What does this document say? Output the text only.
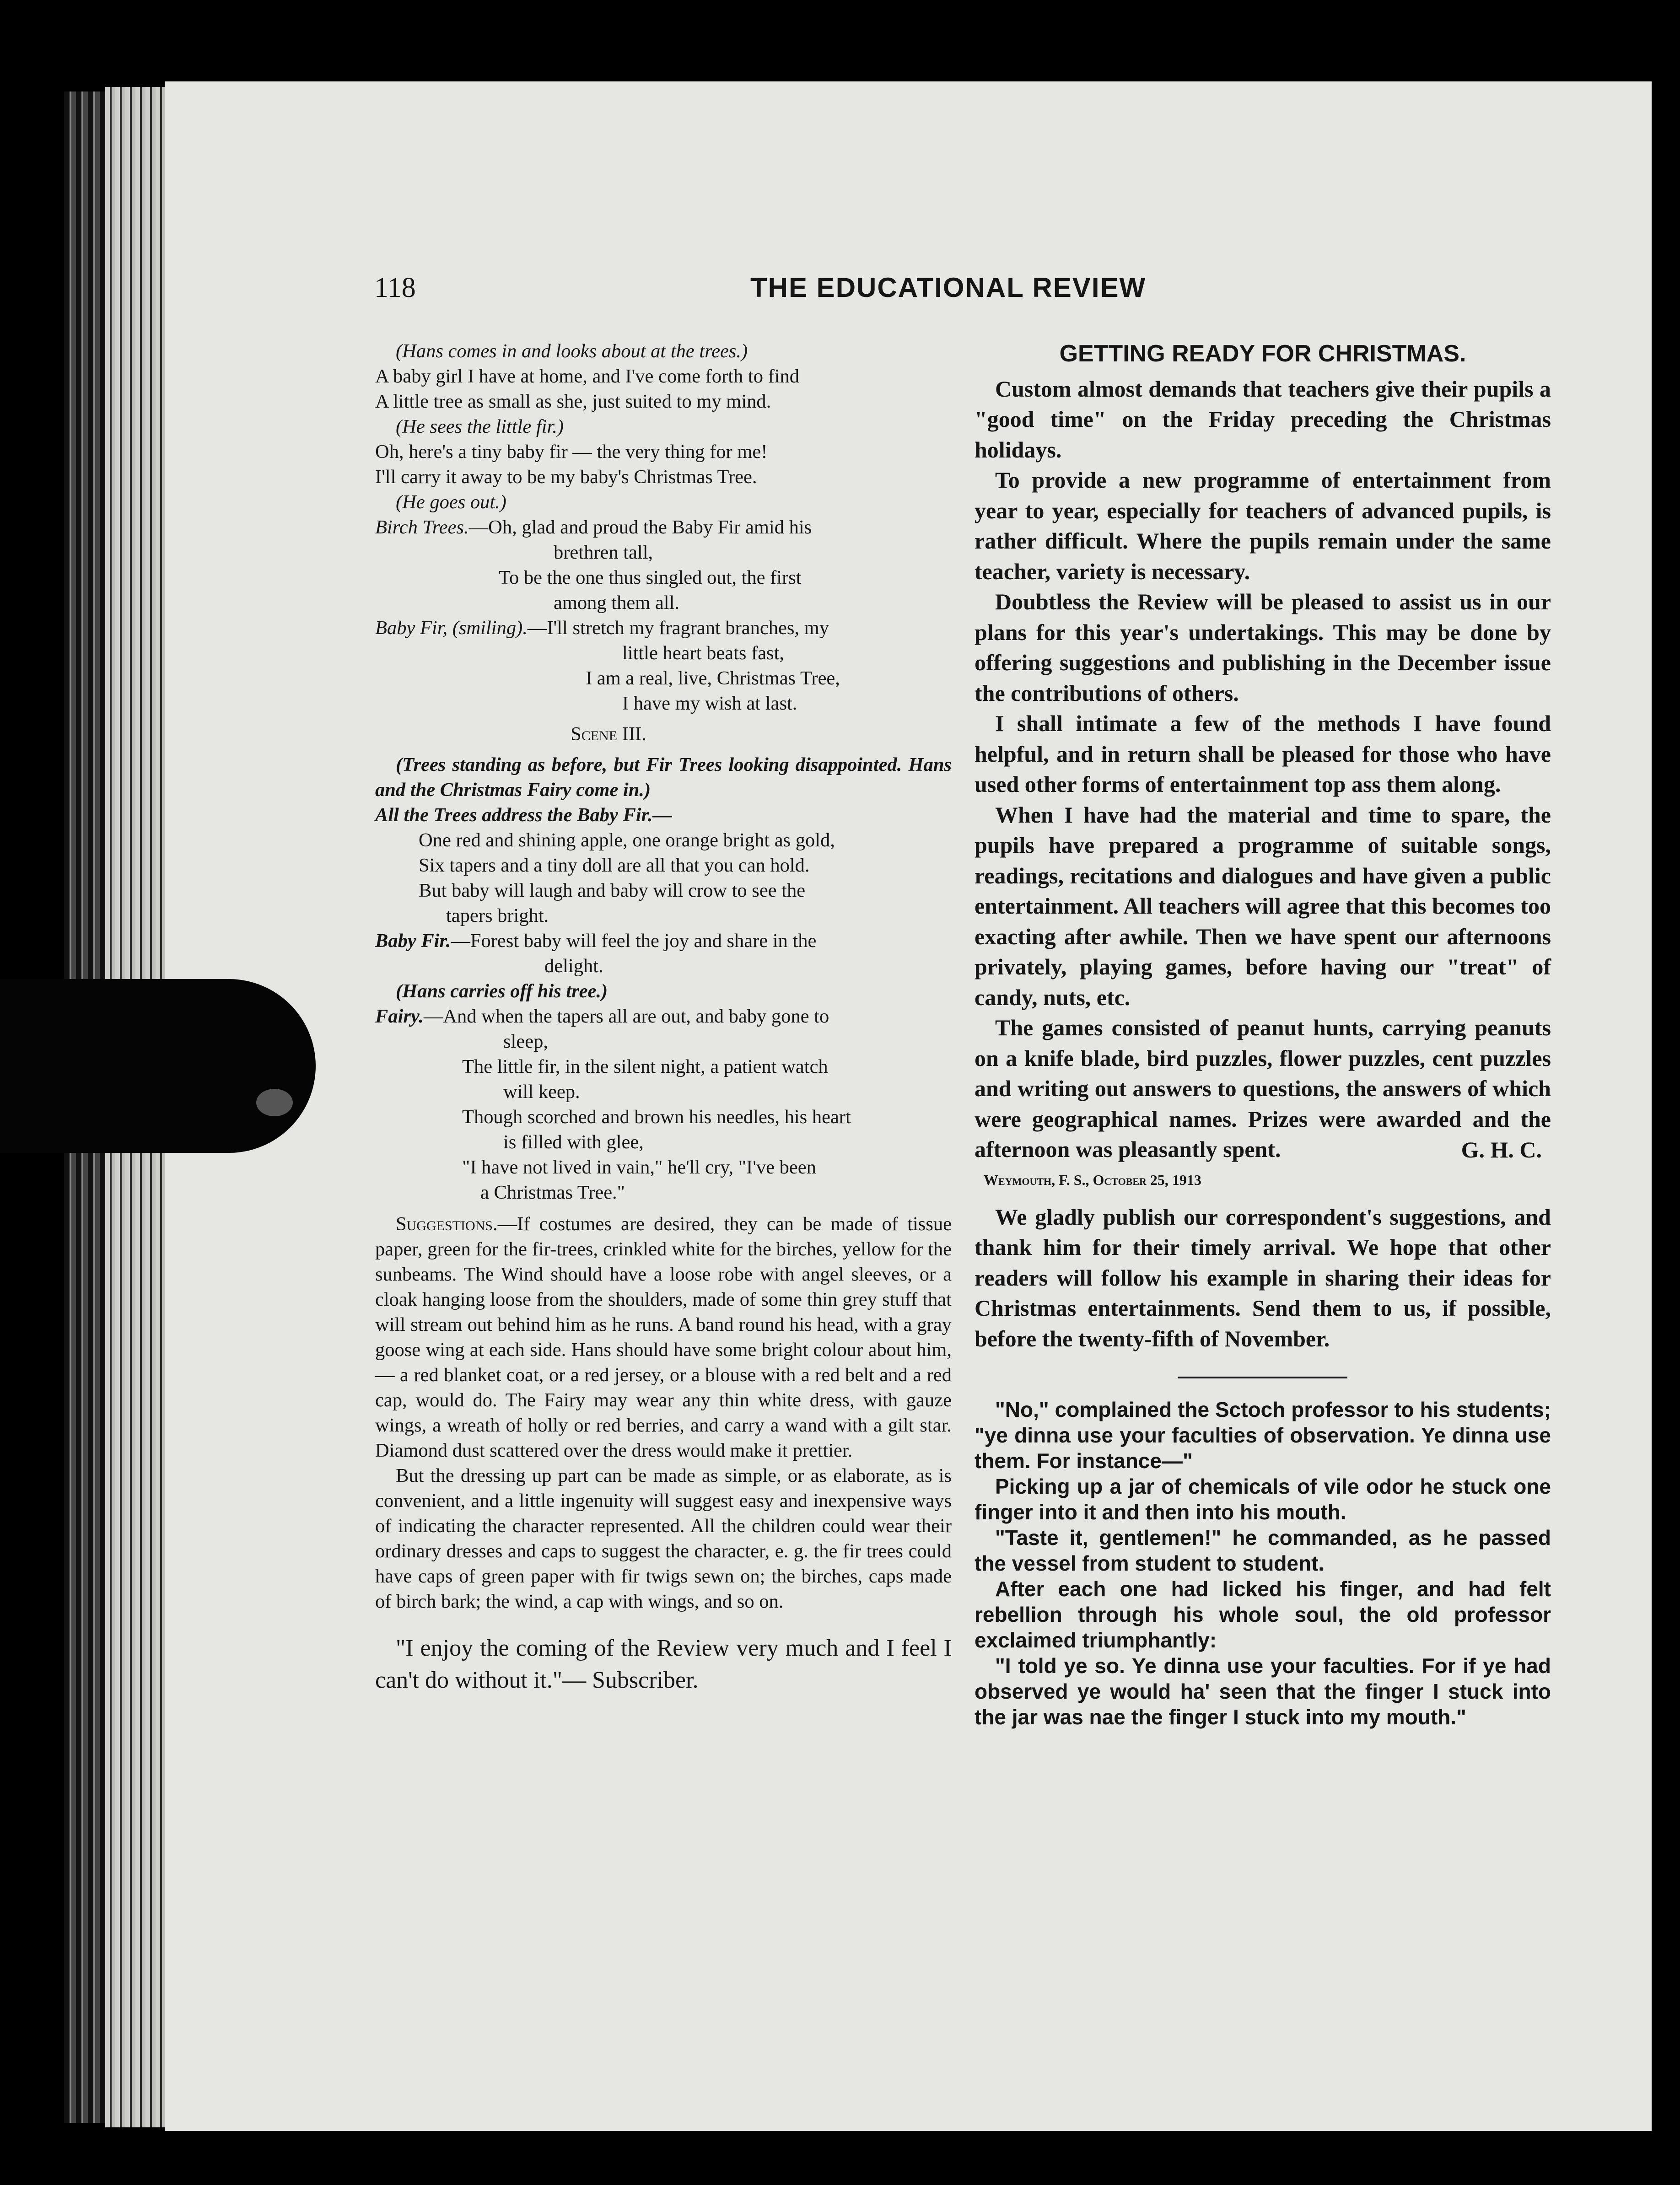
118	THE EDUCATIONAL REVIEW

(Hans comes in and looks about at the trees.)

A baby girl I have at home, and I've come forth to find

A little tree as small as she, just suited to my mind.

(He sees the little fir.)

Oh, here's a tiny baby fir — the very thing for me!

I'll carry it away to be my baby's Christmas Tree.

(He goes out.)

Birch Trees.—Oh, glad and proud the Baby Fir amid his

brethren tall,

To be the one thus singled out, the first

among them all.

Baby Fir, (smiling).—I'll stretch my fragrant branches, my

little heart beats fast,

I am a real, live, Christmas Tree,

I have my wish at last.

Scene III.

(Trees standing as before, but Fir Trees looking disappointed. Hans and the Christmas Fairy come in.)

All the Trees address the Baby Fir.—

One red and shining apple, one orange bright as gold,

Six tapers and a tiny doll are all that you can hold.

But baby will laugh and baby will crow to see the

tapers bright.

Baby Fir.—Forest baby will feel the joy and share in the

delight.

(Hans carries off his tree.)

Fairy.—And when the tapers all are out, and baby gone to

sleep,

The little fir, in the silent night, a patient watch

will keep.

Though scorched and brown his needles, his heart

is filled with glee,

"I have not lived in vain," he'll cry, "I've been

a Christmas Tree."

Suggestions.—If costumes are desired, they can be made of tissue paper, green for the fir-trees, crinkled white for the birches, yellow for the sunbeams. The Wind should have a loose robe with angel sleeves, or a cloak hanging loose from the shoulders, made of some thin grey stuff that will stream out behind him as he runs. A band round his head, with a gray goose wing at each side. Hans should have some bright colour about him,— a red blanket coat, or a red jersey, or a blouse with a red belt and a red cap, would do. The Fairy may wear any thin white dress, with gauze wings, a wreath of holly or red berries, and carry a wand with a gilt star. Diamond dust scattered over the dress would make it prettier.

But the dressing up part can be made as simple, or as elaborate, as is convenient, and a little ingenuity will suggest easy and inexpensive ways of indicating the character represented. All the children could wear their ordinary dresses and caps to suggest the character, e. g. the fir trees could have caps of green paper with fir twigs sewn on; the birches, caps made of birch bark; the wind, a cap with wings, and so on.

"I enjoy the coming of the Review very much and I feel I can't do without it."— Subscriber.

GETTING READY FOR CHRISTMAS.

Custom almost demands that teachers give their pupils a "good time" on the Friday preceding the Christmas holidays.

To provide a new programme of entertainment from year to year, especially for teachers of advanced pupils, is rather difficult. Where the pupils remain under the same teacher, variety is necessary.

Doubtless the Review will be pleased to assist us in our plans for this year's undertakings. This may be done by offering suggestions and publishing in the December issue the contributions of others.

I shall intimate a few of the methods I have found helpful, and in return shall be pleased for those who have used other forms of entertainment top ass them along.

When I have had the material and time to spare, the pupils have prepared a programme of suitable songs, readings, recitations and dialogues and have given a public entertainment. All teachers will agree that this becomes too exacting after awhile. Then we have spent our afternoons privately, playing games, before having our "treat" of candy, nuts, etc.

The games consisted of peanut hunts, carrying peanuts on a knife blade, bird puzzles, flower puzzles, cent puzzles and writing out answers to questions, the answers of which were geographical names. Prizes were awarded and the afternoon was pleasantly spent.	G. H. C.

Weymouth, F. S., October 25, 1913

We gladly publish our correspondent's suggestions, and thank him for their timely arrival. We hope that other readers will follow his example in sharing their ideas for Christmas entertainments. Send them to us, if possible, before the twenty-fifth of November.

"No," complained the Sctoch professor to his students; "ye dinna use your faculties of observation. Ye dinna use them. For instance—"

Picking up a jar of chemicals of vile odor he stuck one finger into it and then into his mouth.

"Taste it, gentlemen!" he commanded, as he passed the vessel from student to student.

After each one had licked his finger, and had felt rebellion through his whole soul, the old professor exclaimed triumphantly:

"I told ye so. Ye dinna use your faculties. For if ye had observed ye would ha' seen that the finger I stuck into the jar was nae the finger I stuck into my mouth."
